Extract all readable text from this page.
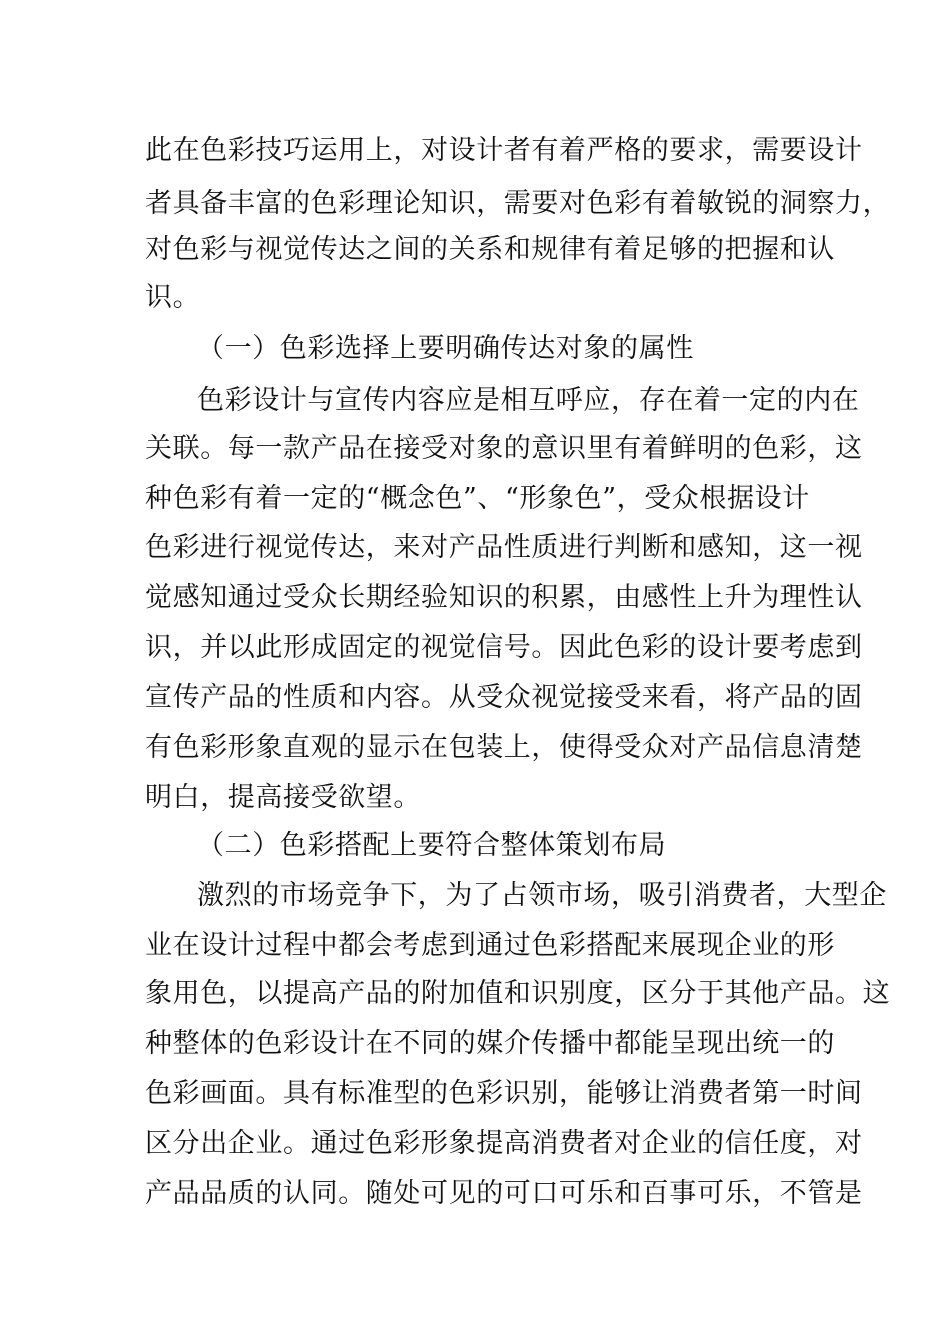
此在色彩技巧运用上，对设计者有着严格的要求，需要设计
者具备丰富的色彩理论知识，需要对色彩有着敏锐的洞察力，
对色彩与视觉传达之间的关系和规律有着足够的把握和认
识。
（一）色彩选择上要明确传达对象的属性
色彩设计与宣传内容应是相互呼应，存在着一定的内在
关联。每一款产品在接受对象的意识里有着鲜明的色彩，这
种色彩有着一定的“概念色”、“形象色”，受众根据设计
色彩进行视觉传达，来对产品性质进行判断和感知，这一视
觉感知通过受众长期经验知识的积累，由感性上升为理性认
识，并以此形成固定的视觉信号。因此色彩的设计要考虑到
宣传产品的性质和内容。从受众视觉接受来看，将产品的固
有色彩形象直观的显示在包装上，使得受众对产品信息清楚
明白，提高接受欲望。
（二）色彩搭配上要符合整体策划布局
激烈的市场竞争下，为了占领市场，吸引消费者，大型企
业在设计过程中都会考虑到通过色彩搭配来展现企业的形
象用色，以提高产品的附加值和识别度，区分于其他产品。这
种整体的色彩设计在不同的媒介传播中都能呈现出统一的
色彩画面。具有标准型的色彩识别，能够让消费者第一时间
区分出企业。通过色彩形象提高消费者对企业的信任度，对
产品品质的认同。随处可见的可口可乐和百事可乐，不管是
